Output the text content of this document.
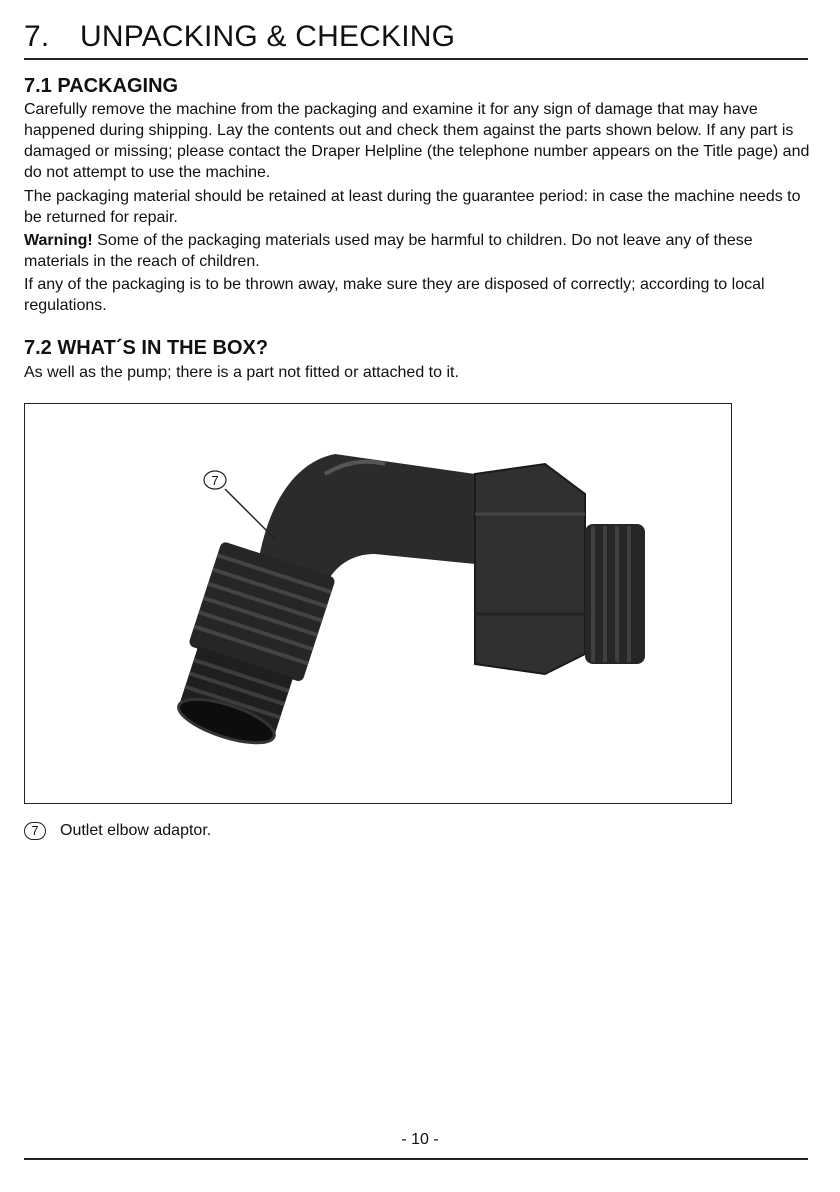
7. UNPACKING & CHECKING
7.1 PACKAGING
Carefully remove the machine from the packaging and examine it for any sign of damage that may have happened during shipping. Lay the contents out and check them against the parts shown below. If any part is damaged or missing; please contact the Draper Helpline (the telephone number appears on the Title page) and do not attempt to use the machine.
The packaging material should be retained at least during the guarantee period: in case the machine needs to be returned for repair.
Warning! Some of the packaging materials used may be harmful to children. Do not leave any of these materials in the reach of children.
If any of the packaging is to be thrown away, make sure they are disposed of correctly; according to local regulations.
7.2 WHAT´S IN THE BOX?
As well as the pump; there is a part not fitted or attached to it.
7
7 Outlet elbow adaptor.
- 10 -
